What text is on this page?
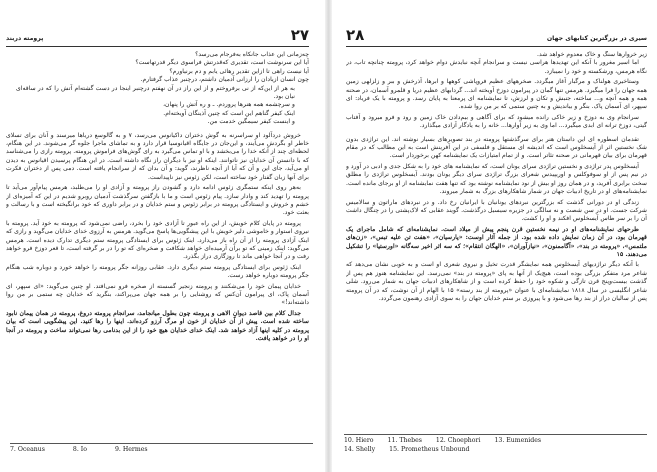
۲۷
پرومته دربند

چه‌زمانی این عذاب جانکاه به‌فرجام می‌رسد؟

آیا این سرنوشت است، تقدیری که‌قدرتش فراسوی دیگر قدرتهاست؟

آیا نیست راهی تا ازاین تقدیر رهائی یابم و دم برنیاورم؟

چون انسان ازیادان را ارزانی آدمیان داشتم، درچنبر عذاب گرفتارم.

به‌ هر از این‌که از نی برفروختم و از این‌ راز در آن نهفتم درچنبر اینجا در دست گشته‌ام آتش را که در ساقه‌ای نیان بود.

و سرچشمه همه هنرها پروردم. ـ و ره آتش را پنهان،

اینک کیفر گناهم این است که چنین آذینگان آویخته‌ام.

و اینست کیفر سیمگین خدمت من.

خروش دردآلود او سراسرنه به‌ گوش دختران داکیانوس می‌رسد، ۷ و به‌ گالوسع دریاها میرسند و آنان برای تسلای خاطر او بگردش می‌آیند، و این‌جان در جایگاه اقیانوسیا قرار دارد و به تماشای ماجرا جلوه گر می‌شوند. در این هنگام، لحظه‌ای چند از آنکه خدا را می‌بخشد و با او تماس می‌گیرد به رای گوش‌های فراموش پرومته. پرومته رازی را می‌شناسد که با دانستن آن خدایان نیز ناتوانند. اینکه او نیز با دیگران راز نگاه داشته است. در این هنگام پرسیدن اقیانوس به دیدن او می‌آید، جای این و آن که آیا از آنچه ناظرند، گوید: و آن بدان که از سرانجام یافته است. دمی پس از دختران فکرت برای آنها زبان گفتار خود ساخته است، لکن زئوس نیز ناپیداست.

به‌هر روی اینکه ستمگری زئوس ادامه دارد و گشودن راز پرومته و آزادی او را می‌طلبد، هرمس پیام‌آور می‌آید تا پرومته را تهدید کند و وادار سازد. پیام زئوس است و ما با بازگفتن سرگذشت آدمیان روبرو شدیم در این که آمیزه‌ای از خشم و خروش و ایستادگی پرومته در برابر زئوس و ستم خدایان و در برابر داوری که خود برانگیخته است و با رسالت و بعثت خود.

پرومته در پایان کلام خویش، از این راه عبور تا آزادی خود را بخرد، راضی نمی‌شود که پرومته به خود آید. پرومته با نیروی استوار و خاموشی دلیر خویش با این پیشگویی‌ها پاسخ می‌گوید. هرمس به آرزوی خدای خدایان می‌گوید و رازی که اینک آزادی پرومته را از آن راه باز می‌دارد. اینک ژئوس برای ایستادگی پرومته ستم دیگری تدارک دیده است. هرمس می‌گوید: اینک زمینی که تو برآن آرمیده‌ای خواهد شکافت و صخره‌ای که تو را در بر گرفته است، تا قعر دوزخ فرو خواهد رفت و در آنجا خواهی ماند تا روزگاری دراز بگذرد.

اینک ژئوس برای ایستادگی پرومته ستم دیگری دارد. عقابی روزانه جگر پرومته را خواهد خورد و دوباره شب هنگام جگر پرومته دوباره خواهد رست.

خدایان پیمان خود را می‌شکنند و پرومته زنجیر گسسته از صخره فرو نمی‌افتد. او چنین می‌گوید: «ای سپهر، ای آسمان پاک، ای پیرامون آن‌کس که روشنایی را بر همه جهان می‌پراکند، بنگرید که خدایان چه ستمی بر من روا داشته‌اند!»

جدال کلام بین قاصد دیوانِ الاهی و پرومته چون بطول میانجامد، سرانجام پرومته دروغ، پرومته در همان پیمان نابود ساخته شده است. پیش از آن خدایان از خون او مرگ آرزو کرده‌اند. اینها را رها کنید. این پیشگویی است که بیان پرومته در کلیه اینها آزاد خواهد شد. اینک خدای خدایان هیچ خود را از این بدنامی رها نمی‌تواند ساخت و پرومته در آنجا او را در خواهد یافت.

7. Oceanus	8. Io	9. Hermes
سیری در بزرگترین کتابهای جهان
۲۸

زیر خروارها سنگ و خاک معدوم خواهد شد.

اما اسیر مغرور با آنکه این تهدیدها هراسی نیست و سرانجام آنچه نبایدش دوام خواهد کرد، پرومته چنانچه تاب، در نگاه هرمس، ورشکسته و خود را نمیبازد.

وستاخیری هولناک و مرگبار آغاز میگردد. صخرههای عظیم فروپاشی کوهها و ابرها، آذرخش و ببر و زلزلهی زمین همه جهان را فرا میگیرد. هرمس تنها گمان در پیرامون دوزخ آویخته اند... گردابهای عظیم دریا و قلمرو آسمان، در صحنه همه و همه آنچه و... ساخته، جنبش و تکان و لرزش، تا نمایشنامه ای پرمعنا به پایان رسد. و پرومته با یک فریاد: ای سپهر، ای آسمان پاک. بنگر و بیاندیش و به چنین ستمی که بر من روا شده.

سرانجام وی به دوزخ و زیر خاکی رانده میشود که برای آگاهی و بیم‌دادن خاک زمین و رود و فرو میرود و آفتاب گیتی، دوزخ ترانه ای ابدی میگیرد... اما وی به زیر آوارها... خانه را به یادگار آزادی میگذارد.

تقدمان اسطوره ای این داستان هنر برای سرگذشتها پرومته در بند تصویرهای بسیار نوشته اند. این تراژدی بدون شک نخستین اثر از آیسخلوس است که اندیشه ای مستقل و فلسفی در این آفرینش است به این مطالب که در مقام قهرمان برای بیان قهرمانی در صحنه تئاتر است. و از تمام امتیازات یک نمایشنامه کهن برخوردار است.

آیسخلوس پدر تراژدی و نخستین تراژدی سرای یونان است، که نمایشنامه های خود را به شکل جدی و ادبی در آورد و در نیم پس از او سوفوکلس و اوریپیدس شعرای بزرگ تراژدی سرای دیگر یونان بودند. آیسخلوس تراژدی را مطلق سخت برابری آفرید، و در همان روز او بیش از نود نمایشنامه نوشته بود که تنها هفت نمایشنامه از او برجای مانده است. نمایشنامه‌های او در تاریخ ادبیات جهان در شمار شاهکارهای بزرگ به شمار میروند.

زندگی او در دورانی گذشت که بزرگترین نبردهای یونانیان با ایرانیان رخ داد. و در نبردهای ماراتون و سالامیس شرکت جست. او در سن شصت و نه سالگی در جزیره سیسیل درگذشت. گویند عقابی که لاک‌پشتی را در چنگال داشت آن را بر سر طاس آیسخلوس افکند و او را کشت.

طرحهای نمایشنامه‌های او در نیمه نخستین قرن پنجم پیش از میلاد است. نمایشنامه‌ای که شامل ماجرای یک قهرمان بود، در آن زمان نمایش داده شده بود. از جمله آثار اوست: «پارسیان»، «هفت تن علیه تبس»، «زن‌های ملتمس»، «پرومته در بند»، «آگاممنون»، «نیازآوران»، «الهگان انتقام»؛ که سه اثر اخیر سه‌گانه «اورستیا» را تشکیل می‌دهند. ۱۵

با آنکه دیگر تراژدیهای آیسخلوس همه نمایشگر قدرت تخیل و نیروی شعری او است و به‌ خوبی نشان می‌دهد که شاعر مرد متفکر بزرگی بوده است، هیچ‌یک از آنها به پای «پرومته در بند» نمی‌رسد. این نمایشنامه هنوز هم پس از گذشت بیست‌وپنج قرن تازگی و شکوه خود را حفظ کرده است و از شاهکارهای ادبیات جهان به شمار می‌رود. شلی شاعر انگلیسی در سال ۱۸۱۸ نمایشنامه‌ای با عنوان «پرومته از بند رسته» ۱۵ با الهام از آن نوشت، که در آن پرومته پس از سالیان دراز از بند رها می‌شود و با پیروزی بر ستم خدایان جهان را به سوی آزادی رهنمون می‌گردد.

10. Hiero 11. Thebes 12. Choephori 13. Eumenides
14. Shelly 15. Prometheus Unbound
